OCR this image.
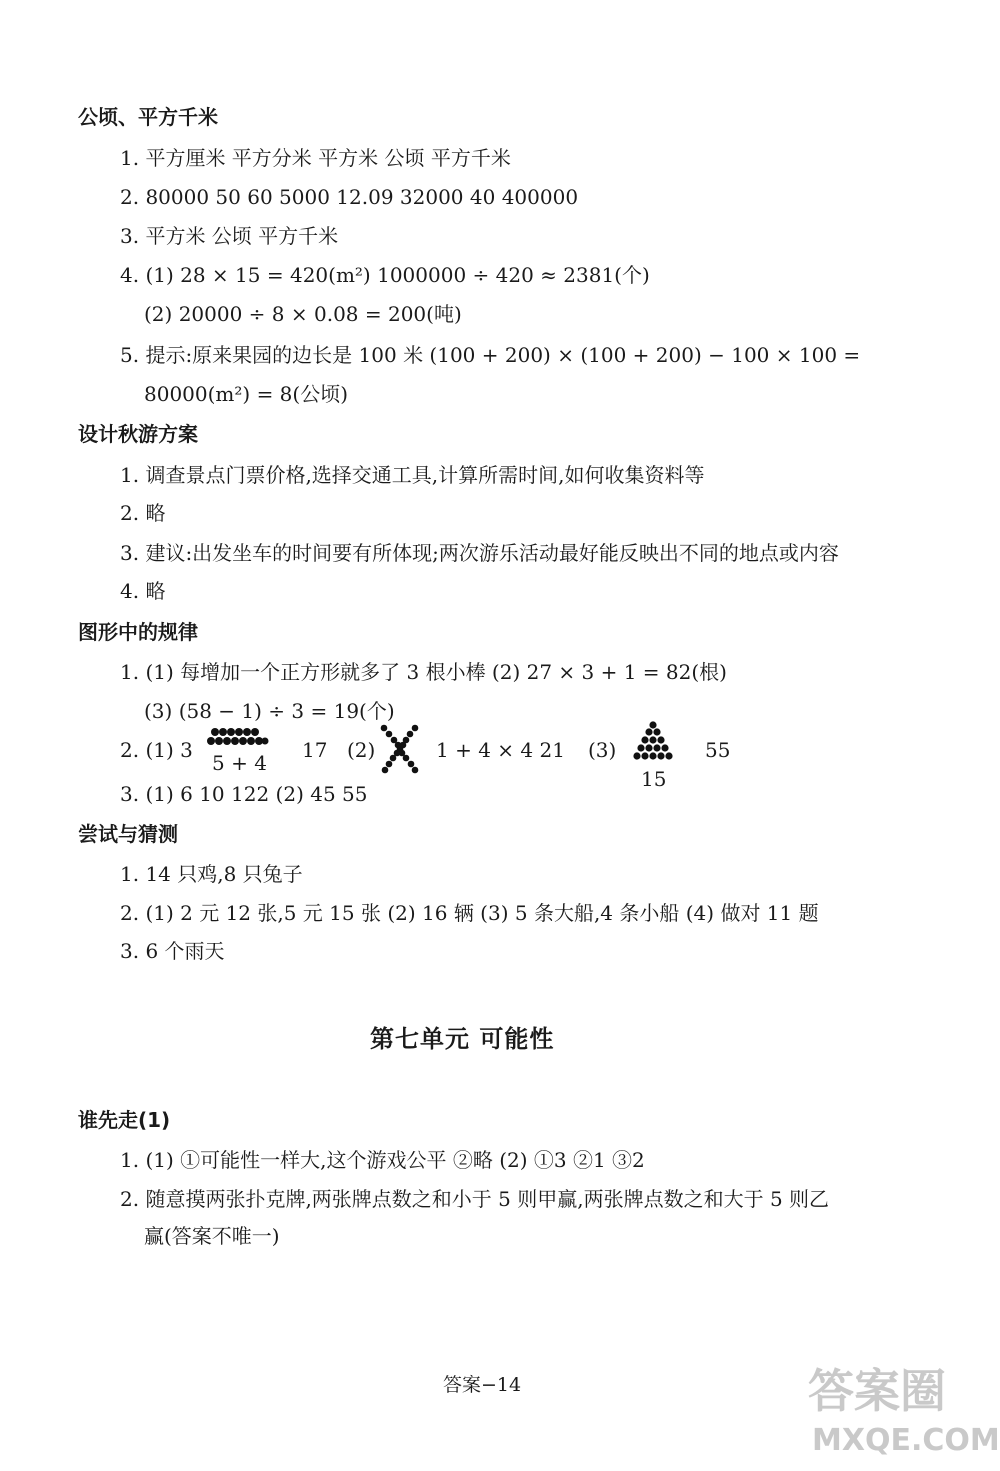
公顷、平方千米
1. 平方厘米 平方分米 平方米 公顷 平方千米
2. 80000 50 60 5000 12.09 32000 40 400000
3. 平方米 公顷 平方千米
4. (1) 28 × 15 = 420(m²) 1000000 ÷ 420 ≈ 2381(个)
(2) 20000 ÷ 8 × 0.08 = 200(吨)
5. 提示:原来果园的边长是 100 米 (100 + 200) × (100 + 200) − 100 × 100 =
80000(m²) = 8(公顷)
设计秋游方案
1. 调查景点门票价格,选择交通工具,计算所需时间,如何收集资料等
2. 略
3. 建议:出发坐车的时间要有所体现;两次游乐活动最好能反映出不同的地点或内容
4. 略
图形中的规律
1. (1) 每增加一个正方形就多了 3 根小棒 (2) 27 × 3 + 1 = 82(根)
(3) (58 − 1) ÷ 3 = 19(个)
2. (1) 3
5 + 4
17 (2)	1 + 4 × 4 21 (3)
15
55
3. (1) 6 10 122 (2) 45 55
尝试与猜测
1. 14 只鸡,8 只兔子
2. (1) 2 元 12 张,5 元 15 张 (2) 16 辆 (3) 5 条大船,4 条小船 (4) 做对 11 题
3. 6 个雨天
第七单元 可能性
谁先走(1)
1. (1) ①可能性一样大,这个游戏公平 ②略 (2) ①3 ②1 ③2
2. 随意摸两张扑克牌,两张牌点数之和小于 5 则甲赢,两张牌点数之和大于 5 则乙
赢(答案不唯一)
答案−14	答案圈
MXQE.COM
